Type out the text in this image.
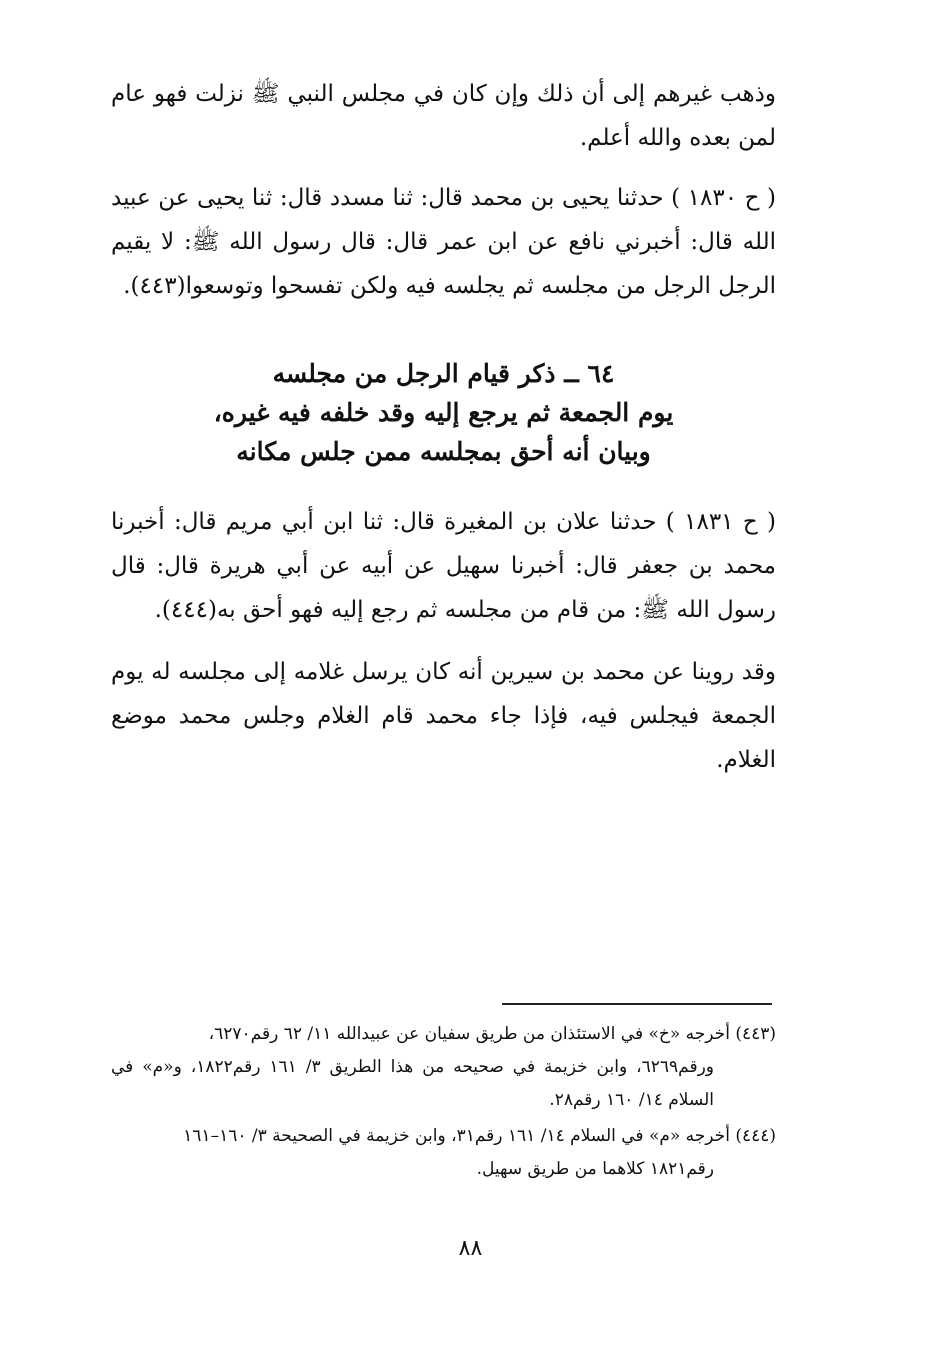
وذهب غيرهم إلى أن ذلك وإن كان في مجلس النبي ﷺ نزلت فهو عام لمن بعده والله أعلم.

( ح ١٨٣٠ ) حدثنا يحيى بن محمد قال: ثنا مسدد قال: ثنا يحيى عن عبيد الله قال: أخبرني نافع عن ابن عمر قال: قال رسول الله ﷺ: لا يقيم الرجل الرجل من مجلسه ثم يجلسه فيه ولكن تفسحوا وتوسعوا(٤٤٣).

٦٤ ــ ذكر قيام الرجل من مجلسه
يوم الجمعة ثم يرجع إليه وقد خلفه فيه غيره،
وبيان أنه أحق بمجلسه ممن جلس مكانه

( ح ١٨٣١ ) حدثنا علان بن المغيرة قال: ثنا ابن أبي مريم قال: أخبرنا محمد بن جعفر قال: أخبرنا سهيل عن أبيه عن أبي هريرة قال: قال رسول الله ﷺ: من قام من مجلسه ثم رجع إليه فهو أحق به(٤٤٤).

وقد روينا عن محمد بن سيرين أنه كان يرسل غلامه إلى مجلسه له يوم الجمعة فيجلس فيه، فإذا جاء محمد قام الغلام وجلس محمد موضع الغلام.

(٤٤٣) أخرجه «خ» في الاستئذان من طريق سفيان عن عبيدالله ١١/ ٦٢ رقم٦٢٧٠،
ورقم٦٢٦٩، وابن خزيمة في صحيحه من هذا الطريق ٣/ ١٦١ رقم١٨٢٢، و«م» في السلام ١٤/ ١٦٠ رقم٢٨.

(٤٤٤) أخرجه «م» في السلام ١٤/ ١٦١ رقم٣١، وابن خزيمة في الصحيحة ٣/ ١٦٠–١٦١
رقم١٨٢١ كلاهما من طريق سهيل.

٨٨
